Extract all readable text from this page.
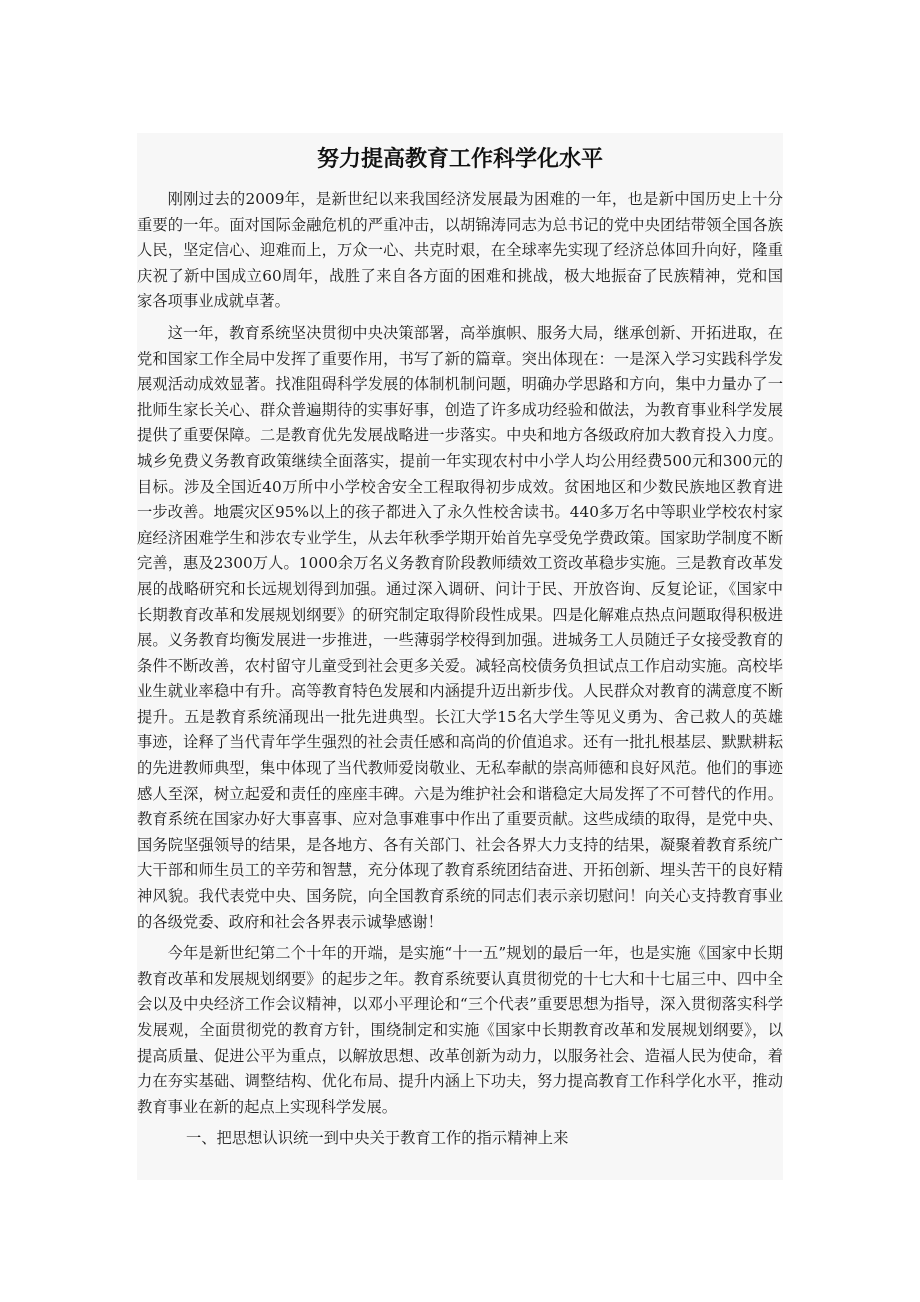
努力提高教育工作科学化水平

刚刚过去的2009年，是新世纪以来我国经济发展最为困难的一年，也是新中国历史上十分重要的一年。面对国际金融危机的严重冲击，以胡锦涛同志为总书记的党中央团结带领全国各族人民，坚定信心、迎难而上，万众一心、共克时艰，在全球率先实现了经济总体回升向好，隆重庆祝了新中国成立60周年，战胜了来自各方面的困难和挑战，极大地振奋了民族精神，党和国家各项事业成就卓著。

这一年，教育系统坚决贯彻中央决策部署，高举旗帜、服务大局，继承创新、开拓进取，在党和国家工作全局中发挥了重要作用，书写了新的篇章。突出体现在：一是深入学习实践科学发展观活动成效显著。找准阻碍科学发展的体制机制问题，明确办学思路和方向，集中力量办了一批师生家长关心、群众普遍期待的实事好事，创造了许多成功经验和做法，为教育事业科学发展提供了重要保障。二是教育优先发展战略进一步落实。中央和地方各级政府加大教育投入力度。城乡免费义务教育政策继续全面落实，提前一年实现农村中小学人均公用经费500元和300元的目标。涉及全国近40万所中小学校舍安全工程取得初步成效。贫困地区和少数民族地区教育进一步改善。地震灾区95%以上的孩子都进入了永久性校舍读书。440多万名中等职业学校农村家庭经济困难学生和涉农专业学生，从去年秋季学期开始首先享受免学费政策。国家助学制度不断完善，惠及2300万人。1000余万名义务教育阶段教师绩效工资改革稳步实施。三是教育改革发展的战略研究和长远规划得到加强。通过深入调研、问计于民、开放咨询、反复论证，《国家中长期教育改革和发展规划纲要》的研究制定取得阶段性成果。四是化解难点热点问题取得积极进展。义务教育均衡发展进一步推进，一些薄弱学校得到加强。进城务工人员随迁子女接受教育的条件不断改善，农村留守儿童受到社会更多关爱。减轻高校债务负担试点工作启动实施。高校毕业生就业率稳中有升。高等教育特色发展和内涵提升迈出新步伐。人民群众对教育的满意度不断提升。五是教育系统涌现出一批先进典型。长江大学15名大学生等见义勇为、舍己救人的英雄事迹，诠释了当代青年学生强烈的社会责任感和高尚的价值追求。还有一批扎根基层、默默耕耘的先进教师典型，集中体现了当代教师爱岗敬业、无私奉献的崇高师德和良好风范。他们的事迹感人至深，树立起爱和责任的座座丰碑。六是为维护社会和谐稳定大局发挥了不可替代的作用。教育系统在国家办好大事喜事、应对急事难事中作出了重要贡献。这些成绩的取得，是党中央、国务院坚强领导的结果，是各地方、各有关部门、社会各界大力支持的结果，凝聚着教育系统广大干部和师生员工的辛劳和智慧，充分体现了教育系统团结奋进、开拓创新、埋头苦干的良好精神风貌。我代表党中央、国务院，向全国教育系统的同志们表示亲切慰问！向关心支持教育事业的各级党委、政府和社会各界表示诚挚感谢！

今年是新世纪第二个十年的开端，是实施“十一五”规划的最后一年，也是实施《国家中长期教育改革和发展规划纲要》的起步之年。教育系统要认真贯彻党的十七大和十七届三中、四中全会以及中央经济工作会议精神，以邓小平理论和“三个代表”重要思想为指导，深入贯彻落实科学发展观，全面贯彻党的教育方针，围绕制定和实施《国家中长期教育改革和发展规划纲要》，以提高质量、促进公平为重点，以解放思想、改革创新为动力，以服务社会、造福人民为使命，着力在夯实基础、调整结构、优化布局、提升内涵上下功夫，努力提高教育工作科学化水平，推动教育事业在新的起点上实现科学发展。

一、把思想认识统一到中央关于教育工作的指示精神上来
